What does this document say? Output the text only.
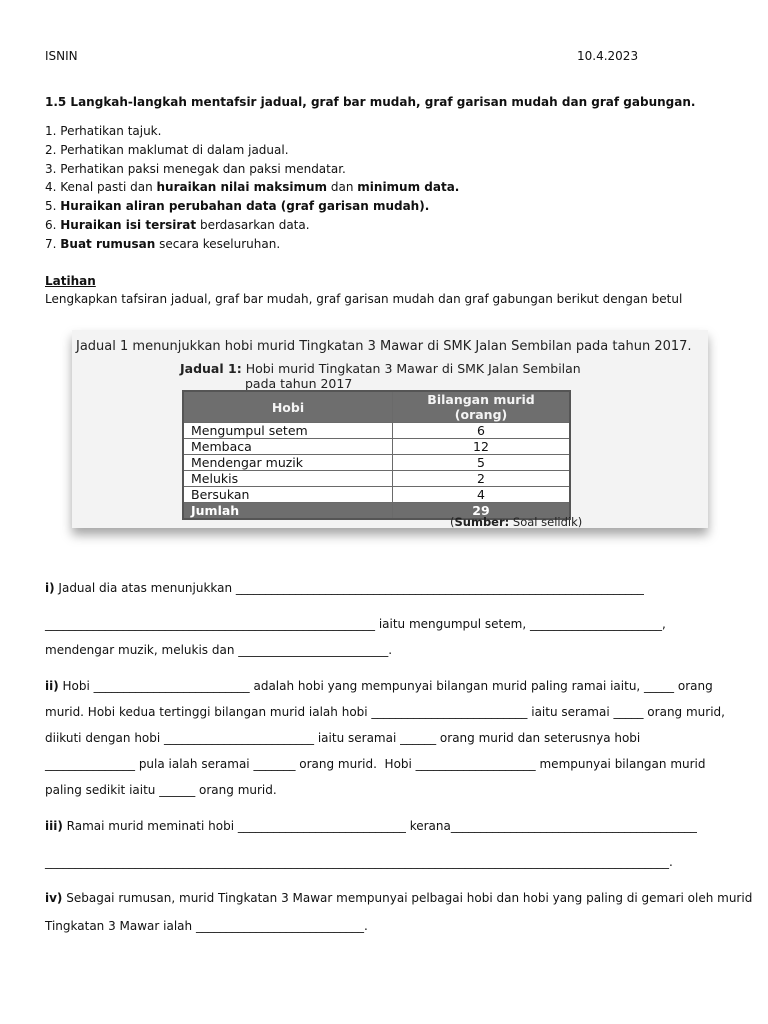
ISNIN	10.4.2023
1.5 Langkah-langkah mentafsir jadual, graf bar mudah, graf garisan mudah dan graf gabungan.
1. Perhatikan tajuk.
2. Perhatikan maklumat di dalam jadual.
3. Perhatikan paksi menegak dan paksi mendatar.
4. Kenal pasti dan huraikan nilai maksimum dan minimum data.
5. Huraikan aliran perubahan data (graf garisan mudah).
6. Huraikan isi tersirat berdasarkan data.
7. Buat rumusan secara keseluruhan.
Latihan
Lengkapkan tafsiran jadual, graf bar mudah, graf garisan mudah dan graf gabungan berikut dengan betul
Jadual 1 menunjukkan hobi murid Tingkatan 3 Mawar di SMK Jalan Sembilan pada tahun 2017.
Jadual 1: Hobi murid Tingkatan 3 Mawar di SMK Jalan Sembilan
pada tahun 2017
Hobi	Bilangan murid (orang)
Mengumpul setem	6
Membaca	12
Mendengar muzik	5
Melukis	2
Bersukan	4
Jumlah	29
(Sumber: Soal selidik)
i) Jadual dia atas menunjukkan ____________________________________________________________________
_______________________________________________________ iaitu mengumpul setem, ______________________,
mendengar muzik, melukis dan _________________________.
ii) Hobi __________________________ adalah hobi yang mempunyai bilangan murid paling ramai iaitu, _____ orang
murid. Hobi kedua tertinggi bilangan murid ialah hobi __________________________ iaitu seramai _____ orang murid,
diikuti dengan hobi _________________________ iaitu seramai ______ orang murid dan seterusnya hobi
_______________ pula ialah seramai _______ orang murid.  Hobi ____________________ mempunyai bilangan murid
paling sedikit iaitu ______ orang murid.
iii) Ramai murid meminati hobi ____________________________ kerana_________________________________________
________________________________________________________________________________________________________.
iv) Sebagai rumusan, murid Tingkatan 3 Mawar mempunyai pelbagai hobi dan hobi yang paling di gemari oleh murid
Tingkatan 3 Mawar ialah ____________________________.
